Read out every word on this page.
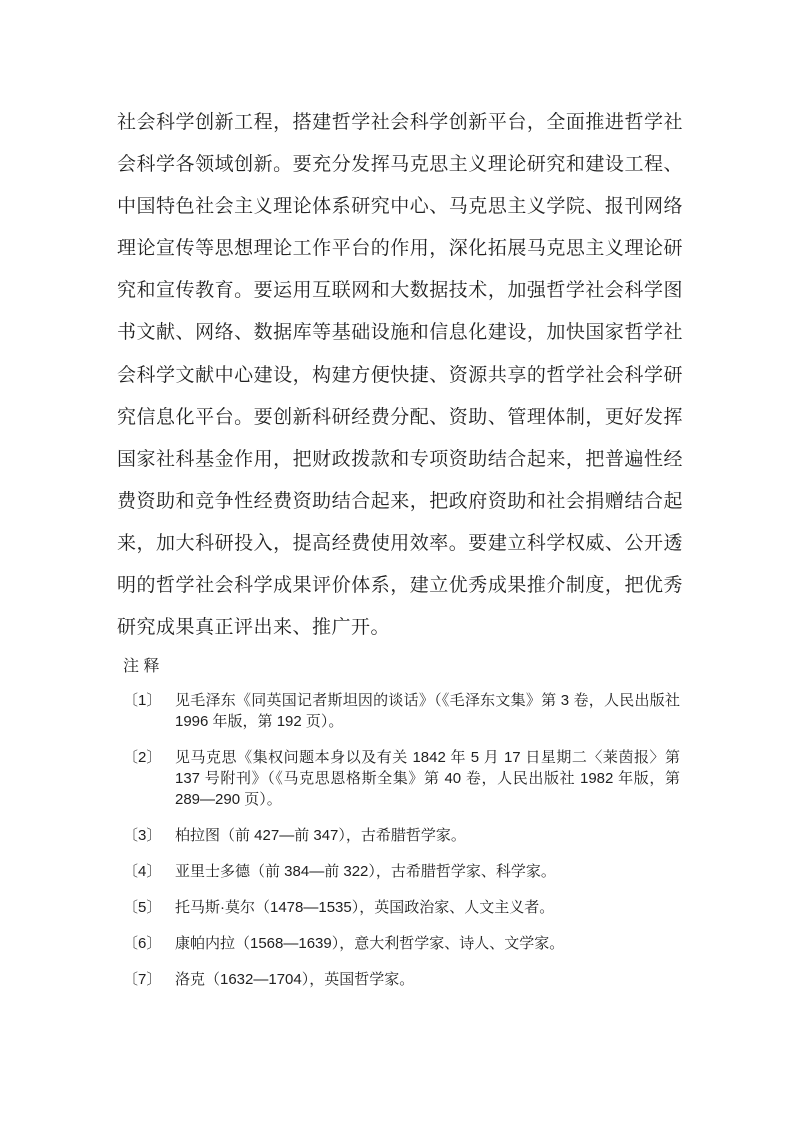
社会科学创新工程，搭建哲学社会科学创新平台，全面推进哲学社
会科学各领域创新。要充分发挥马克思主义理论研究和建设工程、
中国特色社会主义理论体系研究中心、马克思主义学院、报刊网络
理论宣传等思想理论工作平台的作用，深化拓展马克思主义理论研
究和宣传教育。要运用互联网和大数据技术，加强哲学社会科学图
书文献、网络、数据库等基础设施和信息化建设，加快国家哲学社
会科学文献中心建设，构建方便快捷、资源共享的哲学社会科学研
究信息化平台。要创新科研经费分配、资助、管理体制，更好发挥
国家社科基金作用，把财政拨款和专项资助结合起来，把普遍性经
费资助和竞争性经费资助结合起来，把政府资助和社会捐赠结合起
来，加大科研投入，提高经费使用效率。要建立科学权威、公开透
明的哲学社会科学成果评价体系，建立优秀成果推介制度，把优秀
研究成果真正评出来、推广开。
注 释
〔1〕 见毛泽东《同英国记者斯坦因的谈话》（《毛泽东文集》第 3 卷，人民出版社 1996 年版，第 192 页）。
〔2〕 见马克思《集权问题本身以及有关 1842 年 5 月 17 日星期二〈莱茵报〉第 137 号附刊》（《马克思恩格斯全集》第 40 卷，人民出版社 1982 年版，第 289—290 页）。
〔3〕 柏拉图（前 427—前 347），古希腊哲学家。
〔4〕 亚里士多德（前 384—前 322），古希腊哲学家、科学家。
〔5〕 托马斯·莫尔（1478—1535），英国政治家、人文主义者。
〔6〕 康帕内拉（1568—1639），意大利哲学家、诗人、文学家。
〔7〕 洛克（1632—1704），英国哲学家。
